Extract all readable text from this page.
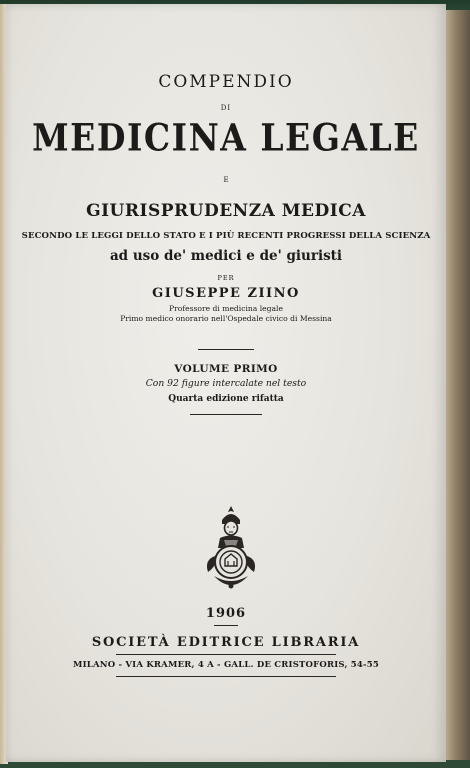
COMPENDIO
DI
MEDICINA LEGALE
E
GIURISPRUDENZA MEDICA
SECONDO LE LEGGI DELLO STATO E I PIÙ RECENTI PROGRESSI DELLA SCIENZA
ad uso de' medici e de' giuristi
PER
GIUSEPPE ZIINO
Professore di medicina legale
Primo medico onorario nell'Ospedale civico di Messina
VOLUME PRIMO
Con 92 figure intercalate nel testo
Quarta edizione rifatta
1906
SOCIETÀ EDITRICE LIBRARIA
MILANO - VIA KRAMER, 4 A - GALL. DE CRISTOFORIS, 54-55
